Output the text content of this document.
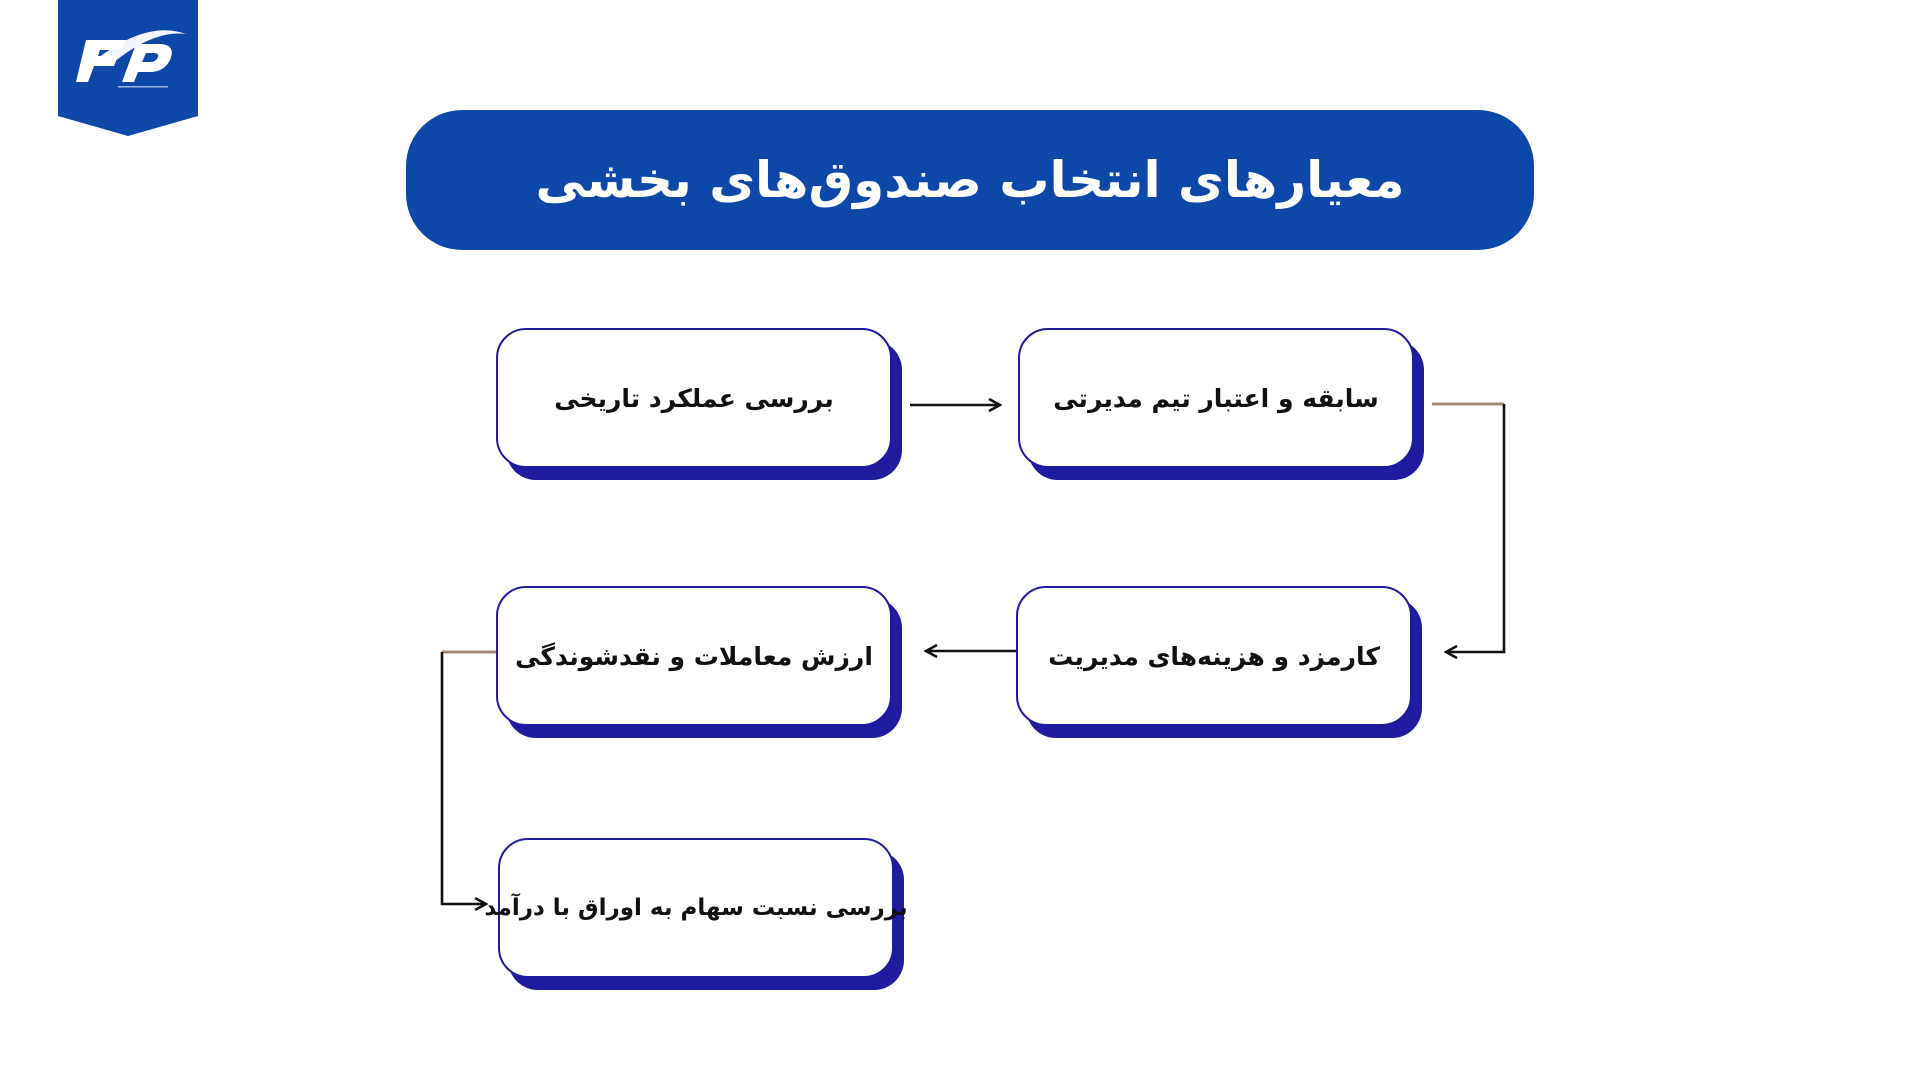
معیارهای انتخاب صندوق‌های بخشی
سابقه و اعتبار تیم مدیرتی
بررسی عملکرد تاریخی
کارمزد و هزینه‌های مدیریت
ارزش معاملات و نقدشوندگی
بررسی نسبت سهام به اوراق با درآمد
